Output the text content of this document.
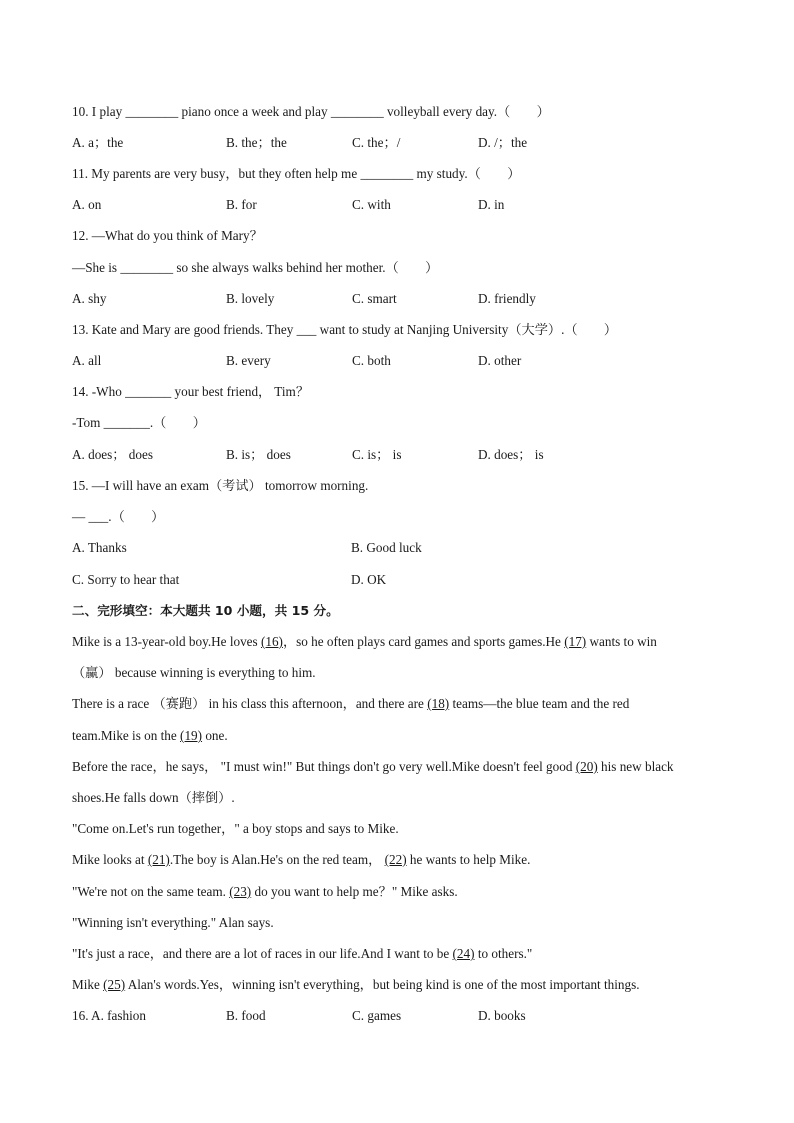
10. I play ________ piano once a week and play ________ volleyball every day.（　　）
A. a；the	B. the；the	C. the；/	D. /；the
11. My parents are very busy，but they often help me ________ my study.（　　）
A. on	B. for	C. with	D. in
12. —What do you think of Mary？
—She is ________ so she always walks behind her mother.（　　）
A. shy	B. lovely	C. smart	D. friendly
13. Kate and Mary are good friends. They ___ want to study at Nanjing University（大学）.（　　）
A. all	B. every	C. both	D. other
14. -Who _______ your best friend， Tim？
-Tom _______.（　　）
A. does； does	B. is； does	C. is； is	D. does； is
15. —I will have an exam（考试） tomorrow morning.
— ___.（　　）
A. Thanks	B. Good luck
C. Sorry to hear that	D. OK
二、完形填空：本大题共 10 小题，共 15 分。
Mike is a 13-year-old boy.He loves (16)，so he often plays card games and sports games.He (17) wants to win
（赢） because winning is everything to him.
There is a race （赛跑） in his class this afternoon，and there are (18) teams—the blue team and the red
team.Mike is on the (19) one.
Before the race，he says， "I must win!" But things don't go very well.Mike doesn't feel good (20) his new black
shoes.He falls down（摔倒）.
"Come on.Let's run together，" a boy stops and says to Mike.
Mike looks at (21).The boy is Alan.He's on the red team， (22) he wants to help Mike.
"We're not on the same team. (23) do you want to help me？" Mike asks.
"Winning isn't everything." Alan says.
"It's just a race，and there are a lot of races in our life.And I want to be (24) to others."
Mike (25) Alan's words.Yes，winning isn't everything，but being kind is one of the most important things.
16. A. fashion	B. food	C. games	D. books
